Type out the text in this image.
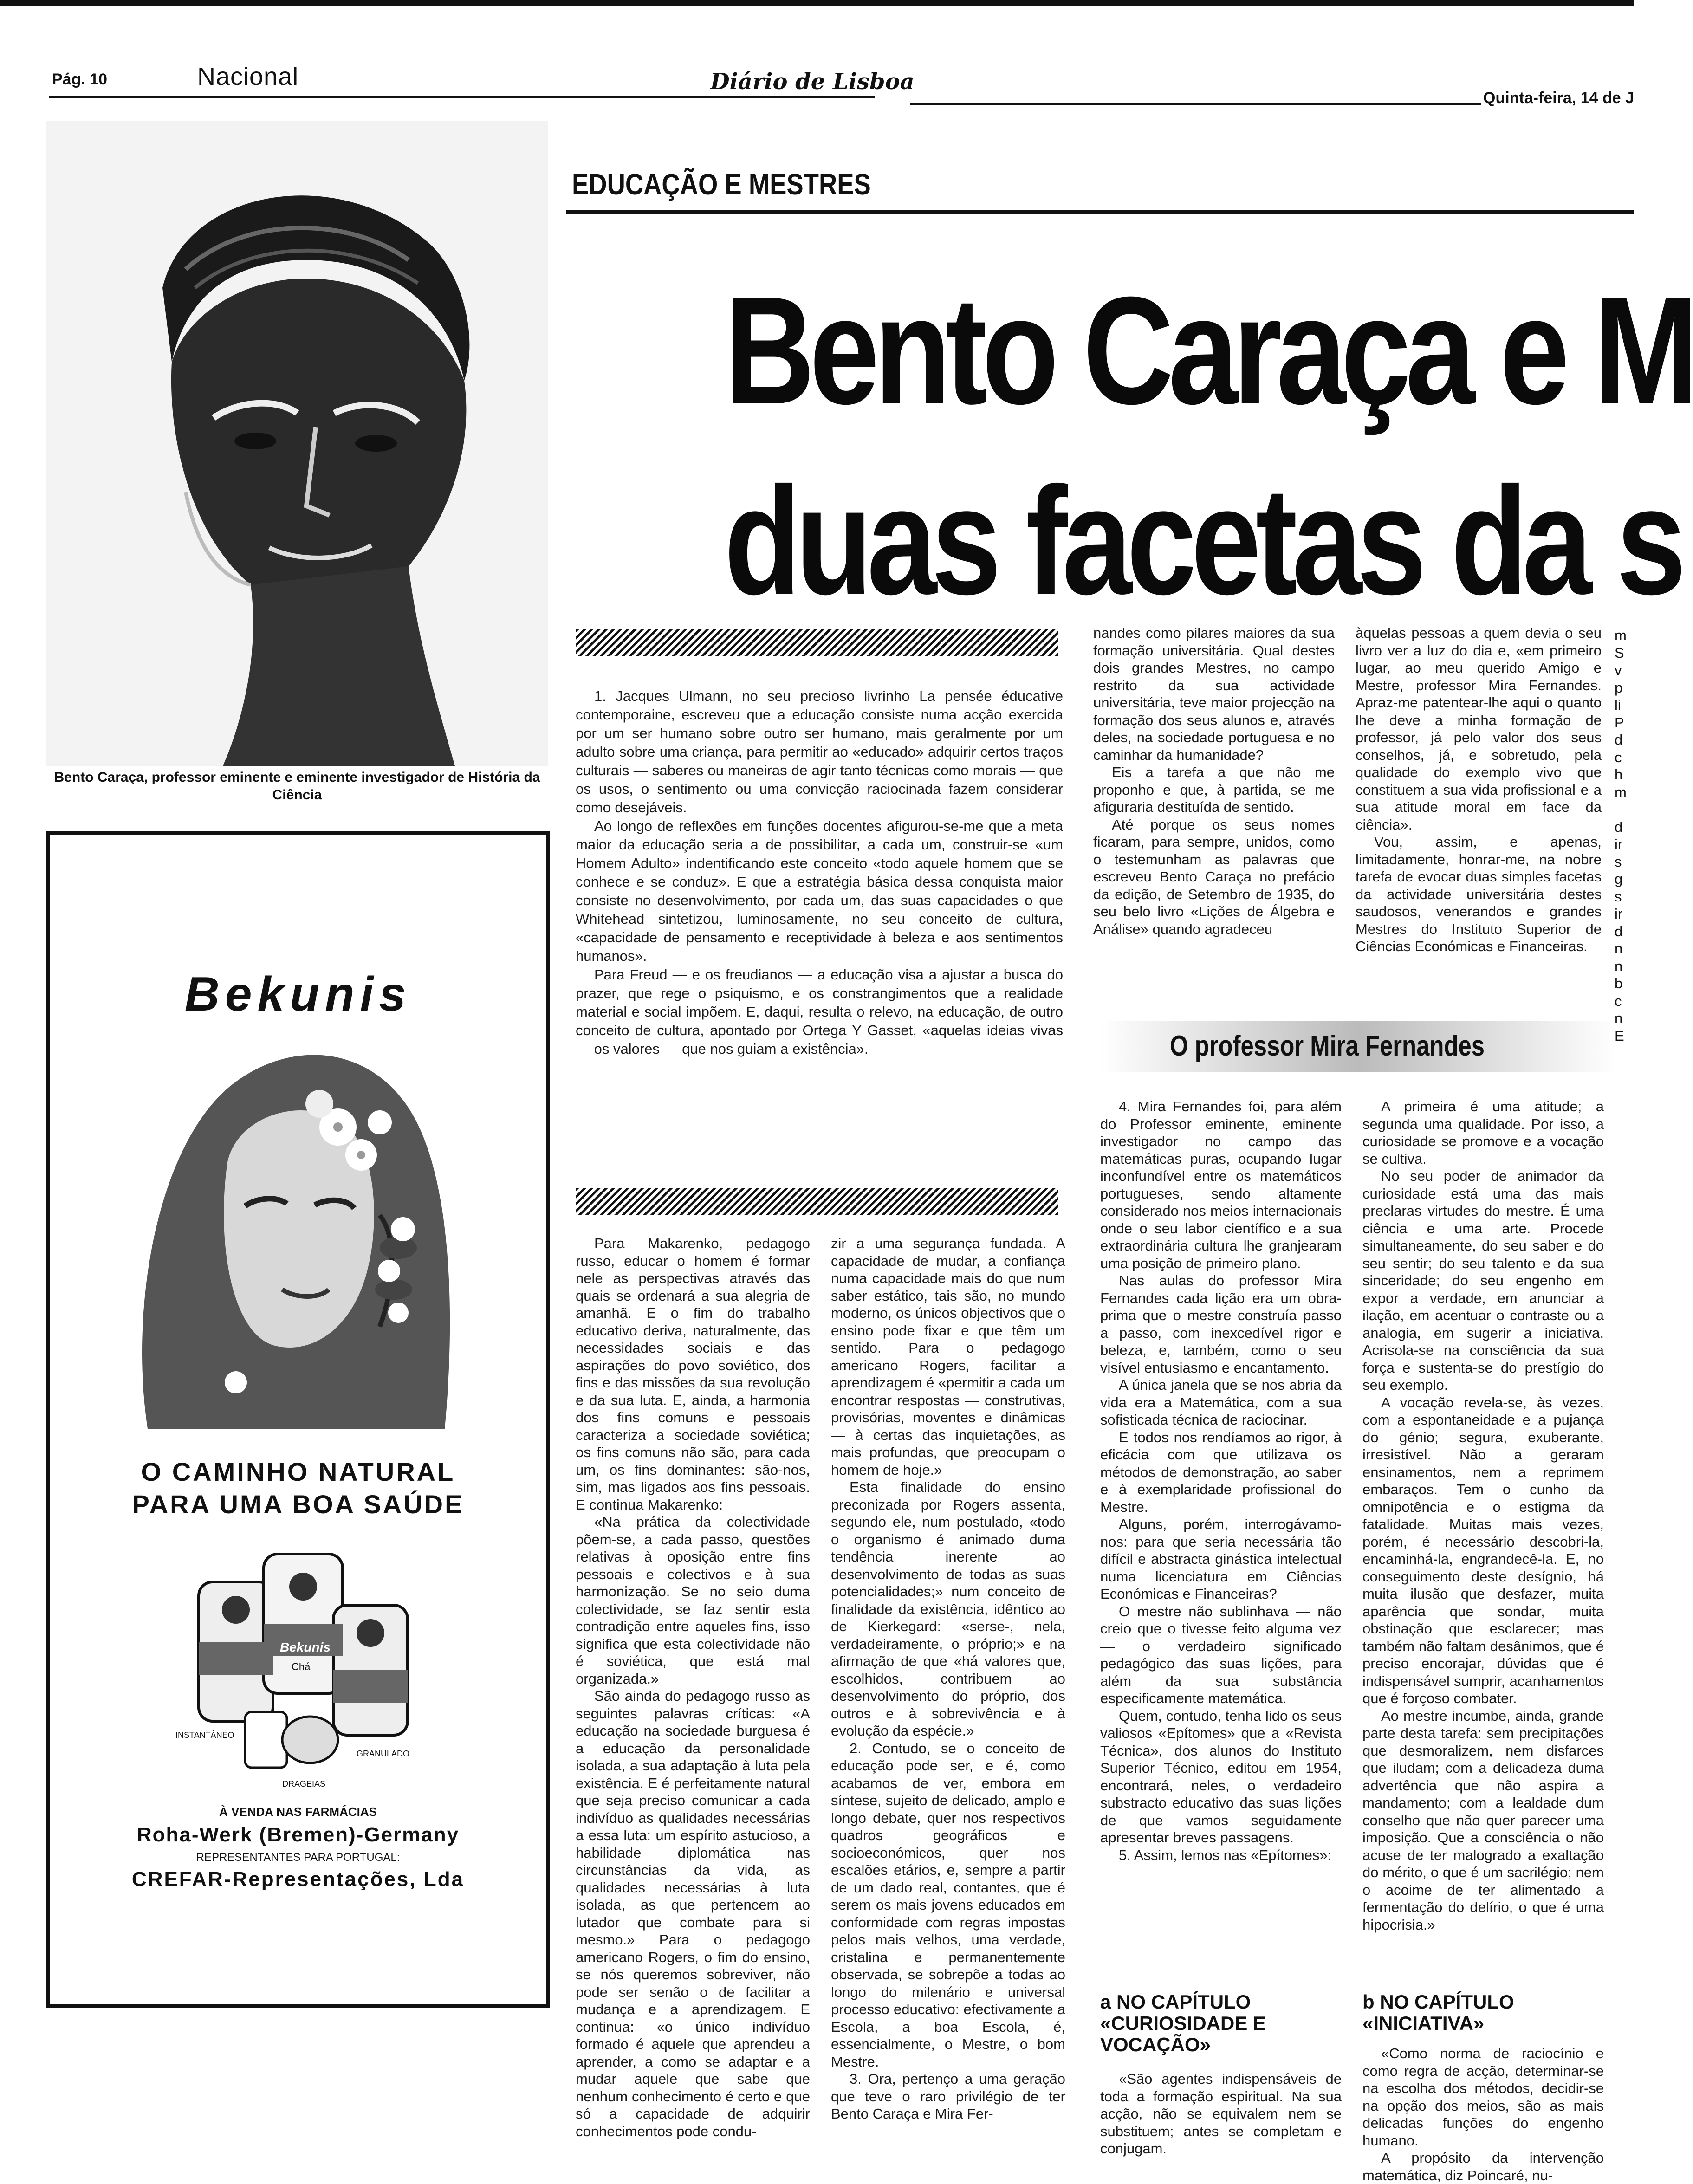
Pág. 10	Nacional	Diário de Lisboa
Quinta-feira, 14 de J
EDUCAÇÃO E MESTRES
Bento Caraça e M
duas facetas da s
Bento Caraça, professor eminente e eminente investigador de História da Ciência
Bekunis
O CAMINHO NATURAL
PARA UMA BOA SAÚDE
Bekunis
Chá
INSTANTÂNEO
GRANULADO
DRAGEIAS
À VENDA NAS FARMÁCIAS
Roha-Werk (Bremen)-Germany
REPRESENTANTES PARA PORTUGAL:
CREFAR-Representações, Lda

1. Jacques Ulmann, no seu precioso livrinho La pensée éducative contemporaine, escreveu que a educação consiste numa acção exercida por um ser humano sobre outro ser humano, mais geralmente por um adulto sobre uma criança, para permitir ao «educado» adquirir certos traços culturais — saberes ou maneiras de agir tanto técnicas como morais — que os usos, o sentimento ou uma convicção raciocinada fazem considerar como desejáveis.

Ao longo de reflexões em funções docentes afigurou-se-me que a meta maior da educação seria a de possibilitar, a cada um, construir-se «um Homem Adulto» indentificando este conceito «todo aquele homem que se conhece e se conduz». E que a estratégia básica dessa conquista maior consiste no desenvolvimento, por cada um, das suas capacidades o que Whitehead sintetizou, luminosamente, no seu conceito de cultura, «capacidade de pensamento e receptividade à beleza e aos sentimentos humanos».

Para Freud — e os freudianos — a educação visa a ajustar a busca do prazer, que rege o psiquismo, e os constrangimentos que a realidade material e social impõem. E, daqui, resulta o relevo, na educação, de outro conceito de cultura, apontado por Ortega Y Gasset, «aquelas ideias vivas — os valores — que nos guiam a existência».

Para Makarenko, pedagogo russo, educar o homem é formar nele as perspectivas através das quais se ordenará a sua alegria de amanhã. E o fim do trabalho educativo deriva, naturalmente, das necessidades sociais e das aspirações do povo soviético, dos fins e das missões da sua revolução e da sua luta. E, ainda, a harmonia dos fins comuns e pessoais caracteriza a sociedade soviética; os fins comuns não são, para cada um, os fins dominantes: são-nos, sim, mas ligados aos fins pessoais. E continua Makarenko:

«Na prática da colectividade põem-se, a cada passo, questões relativas à oposição entre fins pessoais e colectivos e à sua harmonização. Se no seio duma colectividade, se faz sentir esta contradição entre aqueles fins, isso significa que esta colectividade não é soviética, que está mal organizada.»

São ainda do pedagogo russo as seguintes palavras críticas: «A educação na sociedade burguesa é a educação da personalidade isolada, a sua adaptação à luta pela existência. E é perfeitamente natural que seja preciso comunicar a cada indivíduo as qualidades necessárias a essa luta: um espírito astucioso, a habilidade diplomática nas circunstâncias da vida, as qualidades necessárias à luta isolada, as que pertencem ao lutador que combate para si mesmo.» Para o pedagogo americano Rogers, o fim do ensino, se nós queremos sobreviver, não pode ser senão o de facilitar a mudança e a aprendizagem. E continua: «o único indivíduo formado é aquele que aprendeu a aprender, a como se adaptar e a mudar aquele que sabe que nenhum conhecimento é certo e que só a capacidade de adquirir conhecimentos pode condu-

zir a uma segurança fundada. A capacidade de mudar, a confiança numa capacidade mais do que num saber estático, tais são, no mundo moderno, os únicos objectivos que o ensino pode fixar e que têm um sentido. Para o pedagogo americano Rogers, facilitar a aprendizagem é «permitir a cada um encontrar respostas — construtivas, provisórias, moventes e dinâmicas — à certas das inquietações, as mais profundas, que preocupam o homem de hoje.»

Esta finalidade do ensino preconizada por Rogers assenta, segundo ele, num postulado, «todo o organismo é animado duma tendência inerente ao desenvolvimento de todas as suas potencialidades;» num conceito de finalidade da existência, idêntico ao de Kierkegard: «serse-, nela, verdadeiramente, o próprio;» e na afirmação de que «há valores que, escolhidos, contribuem ao desenvolvimento do próprio, dos outros e à sobrevivência e à evolução da espécie.»

2. Contudo, se o conceito de educação pode ser, e é, como acabamos de ver, embora em síntese, sujeito de delicado, amplo e longo debate, quer nos respectivos quadros geográficos e socioeconómicos, quer nos escalões etários, e, sempre a partir de um dado real, contantes, que é serem os mais jovens educados em conformidade com regras impostas pelos mais velhos, uma verdade, cristalina e permanentemente observada, se sobrepõe a todas ao longo do milenário e universal processo educativo: efectivamente a Escola, a boa Escola, é, essencialmente, o Mestre, o bom Mestre.

3. Ora, pertenço a uma geração que teve o raro privilégio de ter Bento Caraça e Mira Fer-

nandes como pilares maiores da sua formação universitária. Qual destes dois grandes Mestres, no campo restrito da sua actividade universitária, teve maior projecção na formação dos seus alunos e, através deles, na sociedade portuguesa e no caminhar da humanidade?

Eis a tarefa a que não me proponho e que, à partida, se me afiguraria destituída de sentido.

Até porque os seus nomes ficaram, para sempre, unidos, como o testemunham as palavras que escreveu Bento Caraça no prefácio da edição, de Setembro de 1935, do seu belo livro «Lições de Álgebra e Análise» quando agradeceu

àquelas pessoas a quem devia o seu livro ver a luz do dia e, «em primeiro lugar, ao meu querido Amigo e Mestre, professor Mira Fernandes. Apraz-me patentear-lhe aqui o quanto lhe deve a minha formação de professor, já pelo valor dos seus conselhos, já, e sobretudo, pela qualidade do exemplo vivo que constituem a sua vida profissional e a sua atitude moral em face da ciência».

Vou, assim, e apenas, limitadamente, honrar-me, na nobre tarefa de evocar duas simples facetas da actividade universitária destes saudosos, venerandos e grandes Mestres do Instituto Superior de Ciências Económicas e Financeiras.

O professor Mira Fernandes

4. Mira Fernandes foi, para além do Professor eminente, eminente investigador no campo das matemáticas puras, ocupando lugar inconfundível entre os matemáticos portugueses, sendo altamente considerado nos meios internacionais onde o seu labor científico e a sua extraordinária cultura lhe granjearam uma posição de primeiro plano.

Nas aulas do professor Mira Fernandes cada lição era um obra-prima que o mestre construía passo a passo, com inexcedível rigor e beleza, e, também, como o seu visível entusiasmo e encantamento.

A única janela que se nos abria da vida era a Matemática, com a sua sofisticada técnica de raciocinar.

E todos nos rendíamos ao rigor, à eficácia com que utilizava os métodos de demonstração, ao saber e à exemplaridade profissional do Mestre.

Alguns, porém, interrogávamo-nos: para que seria necessária tão difícil e abstracta ginástica intelectual numa licenciatura em Ciências Económicas e Financeiras?

O mestre não sublinhava — não creio que o tivesse feito alguma vez — o verdadeiro significado pedagógico das suas lições, para além da sua substância especificamente matemática.

Quem, contudo, tenha lido os seus valiosos «Epítomes» que a «Revista Técnica», dos alunos do Instituto Superior Técnico, editou em 1954, encontrará, neles, o verdadeiro substracto educativo das suas lições de que vamos seguidamente apresentar breves passagens.

5. Assim, lemos nas «Epítomes»:

a NO CAPÍTULO «CURIOSIDADE E VOCAÇÃO»

«São agentes indispensáveis de toda a formação espiritual. Na sua acção, não se equivalem nem se substituem; antes se completam e conjugam.

A primeira é uma atitude; a segunda uma qualidade. Por isso, a curiosidade se promove e a vocação se cultiva.

No seu poder de animador da curiosidade está uma das mais preclaras virtudes do mestre. É uma ciência e uma arte. Procede simultaneamente, do seu saber e do seu sentir; do seu talento e da sua sinceridade; do seu engenho em expor a verdade, em anunciar a ilação, em acentuar o contraste ou a analogia, em sugerir a iniciativa. Acrisola-se na consciência da sua força e sustenta-se do prestígio do seu exemplo.

A vocação revela-se, às vezes, com a espontaneidade e a pujança do génio; segura, exuberante, irresistível. Não a geraram ensinamentos, nem a reprimem embaraços. Tem o cunho da omnipotência e o estigma da fatalidade. Muitas mais vezes, porém, é necessário descobri-la, encaminhá-la, engrandecê-la. E, no conseguimento deste desígnio, há muita ilusão que desfazer, muita aparência que sondar, muita obstinação que esclarecer; mas também não faltam desânimos, que é preciso encorajar, dúvidas que é indispensável sumprir, acanhamentos que é forçoso combater.

Ao mestre incumbe, ainda, grande parte desta tarefa: sem precipitações que desmoralizem, nem disfarces que iludam; com a delicadeza duma advertência que não aspira a mandamento; com a lealdade dum conselho que não quer parecer uma imposição. Que a consciência o não acuse de ter malogrado a exaltação do mérito, o que é um sacrilégio; nem o acoime de ter alimentado a fermentação do delírio, o que é uma hipocrisia.»

b NO CAPÍTULO «INICIATIVA»

«Como norma de raciocínio e como regra de acção, determinar-se na escolha dos métodos, decidir-se na opção dos meios, são as mais delicadas funções do engenho humano.

A propósito da intervenção matemática, diz Poincaré, nu-

m
S
v
p
li
P
d
c
h
m
d
ir
s
g
s
ir
d
n
n
b
c
n
E
